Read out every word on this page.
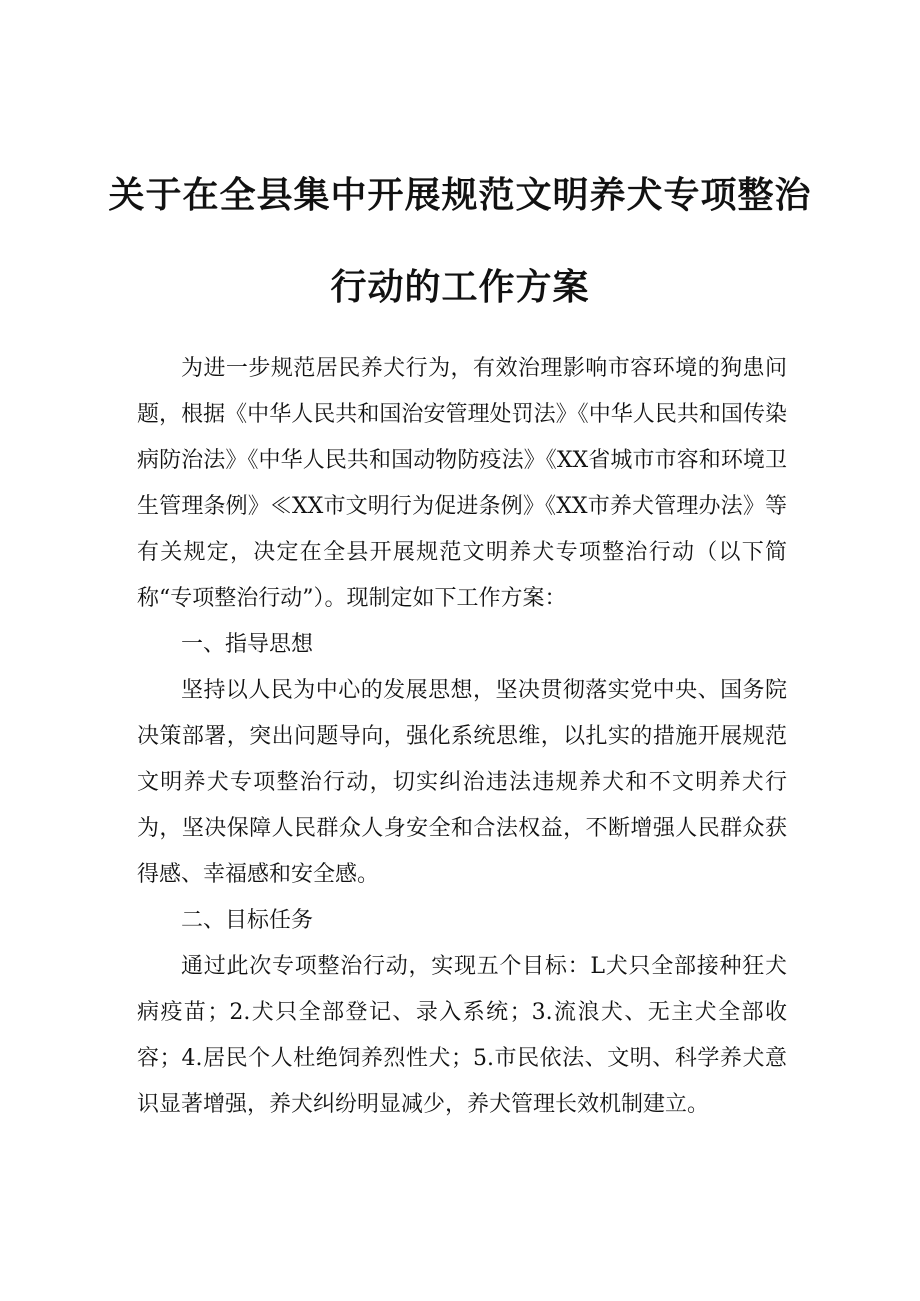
关于在全县集中开展规范文明养犬专项整治
行动的工作方案

为进一步规范居民养犬行为，有效治理影响市容环境的狗患问题，根据《中华人民共和国治安管理处罚法》《中华人民共和国传染病防治法》《中华人民共和国动物防疫法》《XX省城市市容和环境卫生管理条例》≪XX市文明行为促进条例》《XX市养犬管理办法》等有关规定，决定在全县开展规范文明养犬专项整治行动（以下简称“专项整治行动”）。现制定如下工作方案：

一、指导思想

坚持以人民为中心的发展思想，坚决贯彻落实党中央、国务院决策部署，突出问题导向，强化系统思维，以扎实的措施开展规范文明养犬专项整治行动，切实纠治违法违规养犬和不文明养犬行为，坚决保障人民群众人身安全和合法权益，不断增强人民群众获得感、幸福感和安全感。

二、目标任务

通过此次专项整治行动，实现五个目标：L犬只全部接种狂犬病疫苗；2.犬只全部登记、录入系统；3.流浪犬、无主犬全部收容；4.居民个人杜绝饲养烈性犬；5.市民依法、文明、科学养犬意识显著增强，养犬纠纷明显减少，养犬管理长效机制建立。
